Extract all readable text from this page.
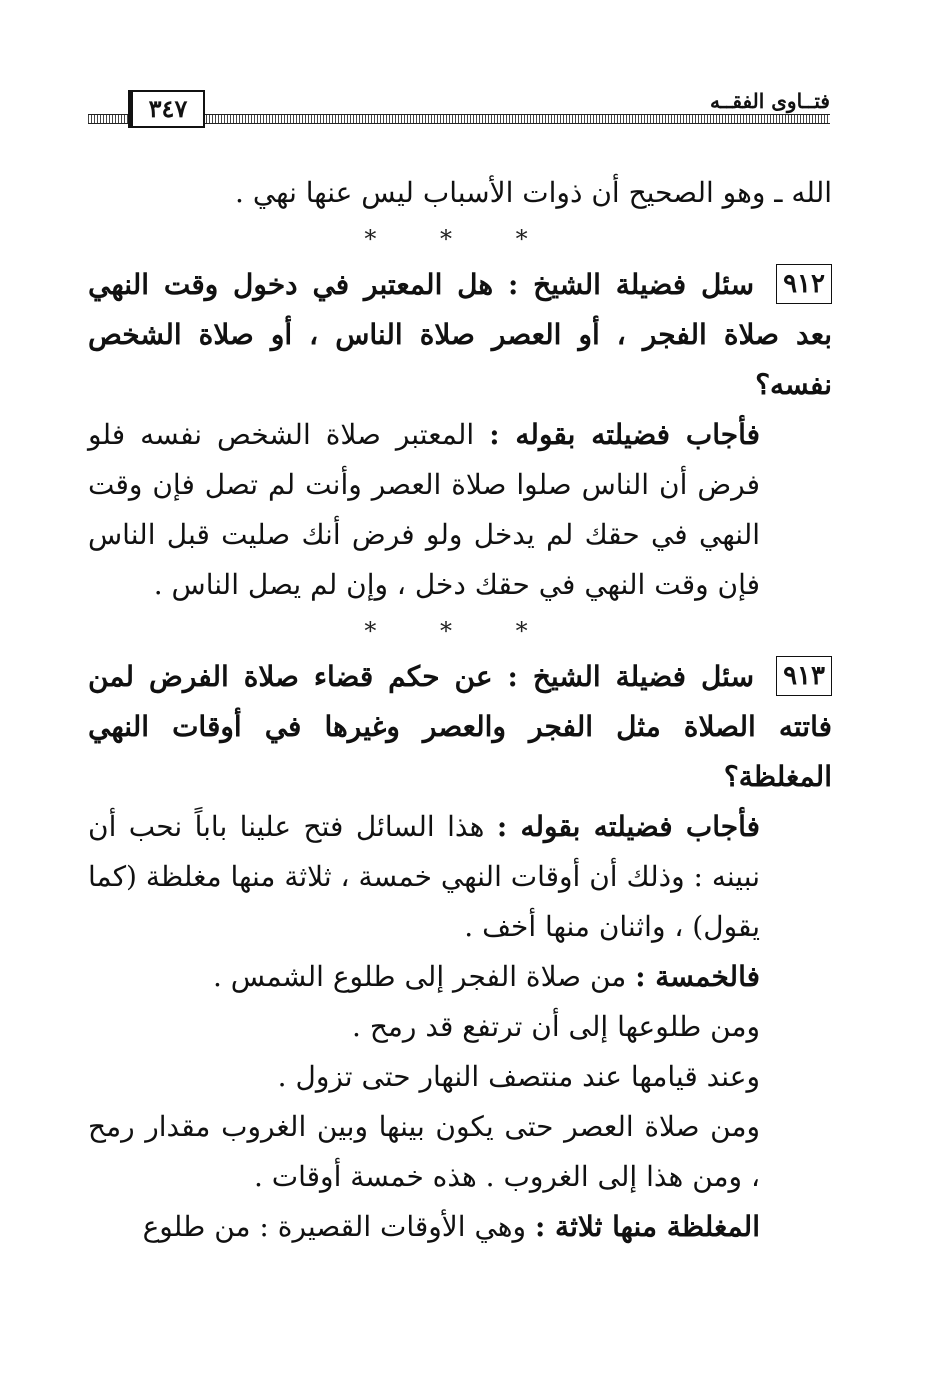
٣٤٧	فتــاوى الفقــه

الله ـ وهو الصحيح أن ذوات الأسباب ليس عنها نهي .

* * *

٩١٢
سئل فضيلة الشيخ : هل المعتبر في دخول وقت النهي بعد صلاة الفجر ، أو العصر صلاة الناس ، أو صلاة الشخص نفسه؟

فأجاب فضيلته بقوله : المعتبر صلاة الشخص نفسه فلو فرض أن الناس صلوا صلاة العصر وأنت لم تصل فإن وقت النهي في حقك لم يدخل ولو فرض أنك صليت قبل الناس فإن وقت النهي في حقك دخل ، وإن لم يصل الناس .

* * *

٩١٣
سئل فضيلة الشيخ : عن حكم قضاء صلاة الفرض لمن فاتته الصلاة مثل الفجر والعصر وغيرها في أوقات النهي المغلظة؟

فأجاب فضيلته بقوله : هذا السائل فتح علينا باباً نحب أن نبينه : وذلك أن أوقات النهي خمسة ، ثلاثة منها مغلظة (كما يقول) ، واثنان منها أخف .

فالخمسة : من صلاة الفجر إلى طلوع الشمس .

ومن طلوعها إلى أن ترتفع قد رمح .

وعند قيامها عند منتصف النهار حتى تزول .

ومن صلاة العصر حتى يكون بينها وبين الغروب مقدار رمح ، ومن هذا إلى الغروب . هذه خمسة أوقات .

المغلظة منها ثلاثة : وهي الأوقات القصيرة : من طلوع
